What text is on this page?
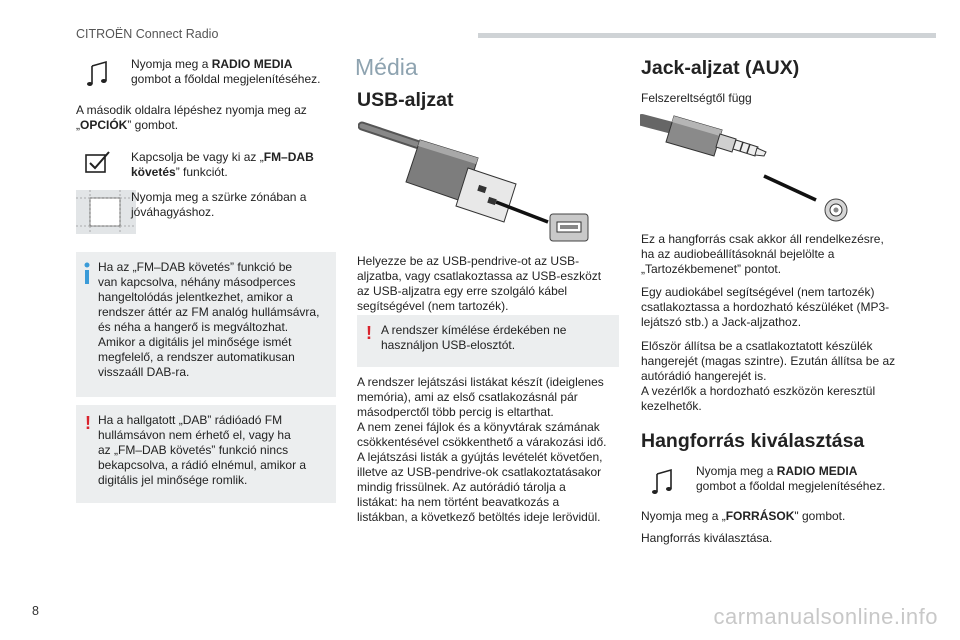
CITROËN Connect Radio
Nyomja meg a RADIO MEDIA
gombot a főoldal megjelenítéséhez.
A második oldalra lépéshez nyomja meg az
„OPCIÓK” gombot.
Kapcsolja be vagy ki az „FM–DAB
követés” funkciót.
Nyomja meg a szürke zónában a
jóváhagyáshoz.
Ha az „FM–DAB követés” funkció be
van kapcsolva, néhány másodperces
hangeltolódás jelentkezhet, amikor a
rendszer áttér az FM analóg hullámsávra,
és néha a hangerő is megváltozhat.
Amikor a digitális jel minősége ismét
megfelelő, a rendszer automatikusan
visszaáll DAB-ra.
! Ha a hallgatott „DAB” rádióadó FM
hullámsávon nem érhető el, vagy ha
az „FM–DAB követés” funkció nincs
bekapcsolva, a rádió elnémul, amikor a
digitális jel minősége romlik.
Média
USB-aljzat
Helyezze be az USB-pendrive-ot az USB-
aljzatba, vagy csatlakoztassa az USB-eszközt
az USB-aljzatra egy erre szolgáló kábel
segítségével (nem tartozék).
! A rendszer kímélése érdekében ne
használjon USB-elosztót.
A rendszer lejátszási listákat készít (ideiglenes
memória), ami az első csatlakozásnál pár
másodperctől több percig is eltarthat.
A nem zenei fájlok és a könyvtárak számának
csökkentésével csökkenthető a várakozási idő.
A lejátszási listák a gyújtás levételét követően,
illetve az USB-pendrive-ok csatlakoztatásakor
mindig frissülnek. Az autórádió tárolja a
listákat: ha nem történt beavatkozás a
listákban, a következő betöltés ideje lerövidül.
Jack-aljzat (AUX)
Felszereltségtől függ
Ez a hangforrás csak akkor áll rendelkezésre,
ha az audiobeállításoknál bejelölte a
„Tartozékbemenet” pontot.
Egy audiokábel segítségével (nem tartozék)
csatlakoztassa a hordozható készüléket (MP3-
lejátszó stb.) a Jack-aljzathoz.
Először állítsa be a csatlakoztatott készülék
hangerejét (magas szintre). Ezután állítsa be az
autórádió hangerejét is.
A vezérlők a hordozható eszközön keresztül
kezelhetők.
Hangforrás kiválasztása
Nyomja meg a RADIO MEDIA
gombot a főoldal megjelenítéséhez.
Nyomja meg a „FORRÁSOK" gombot.
Hangforrás kiválasztása.
8	carmanualsonline.info
